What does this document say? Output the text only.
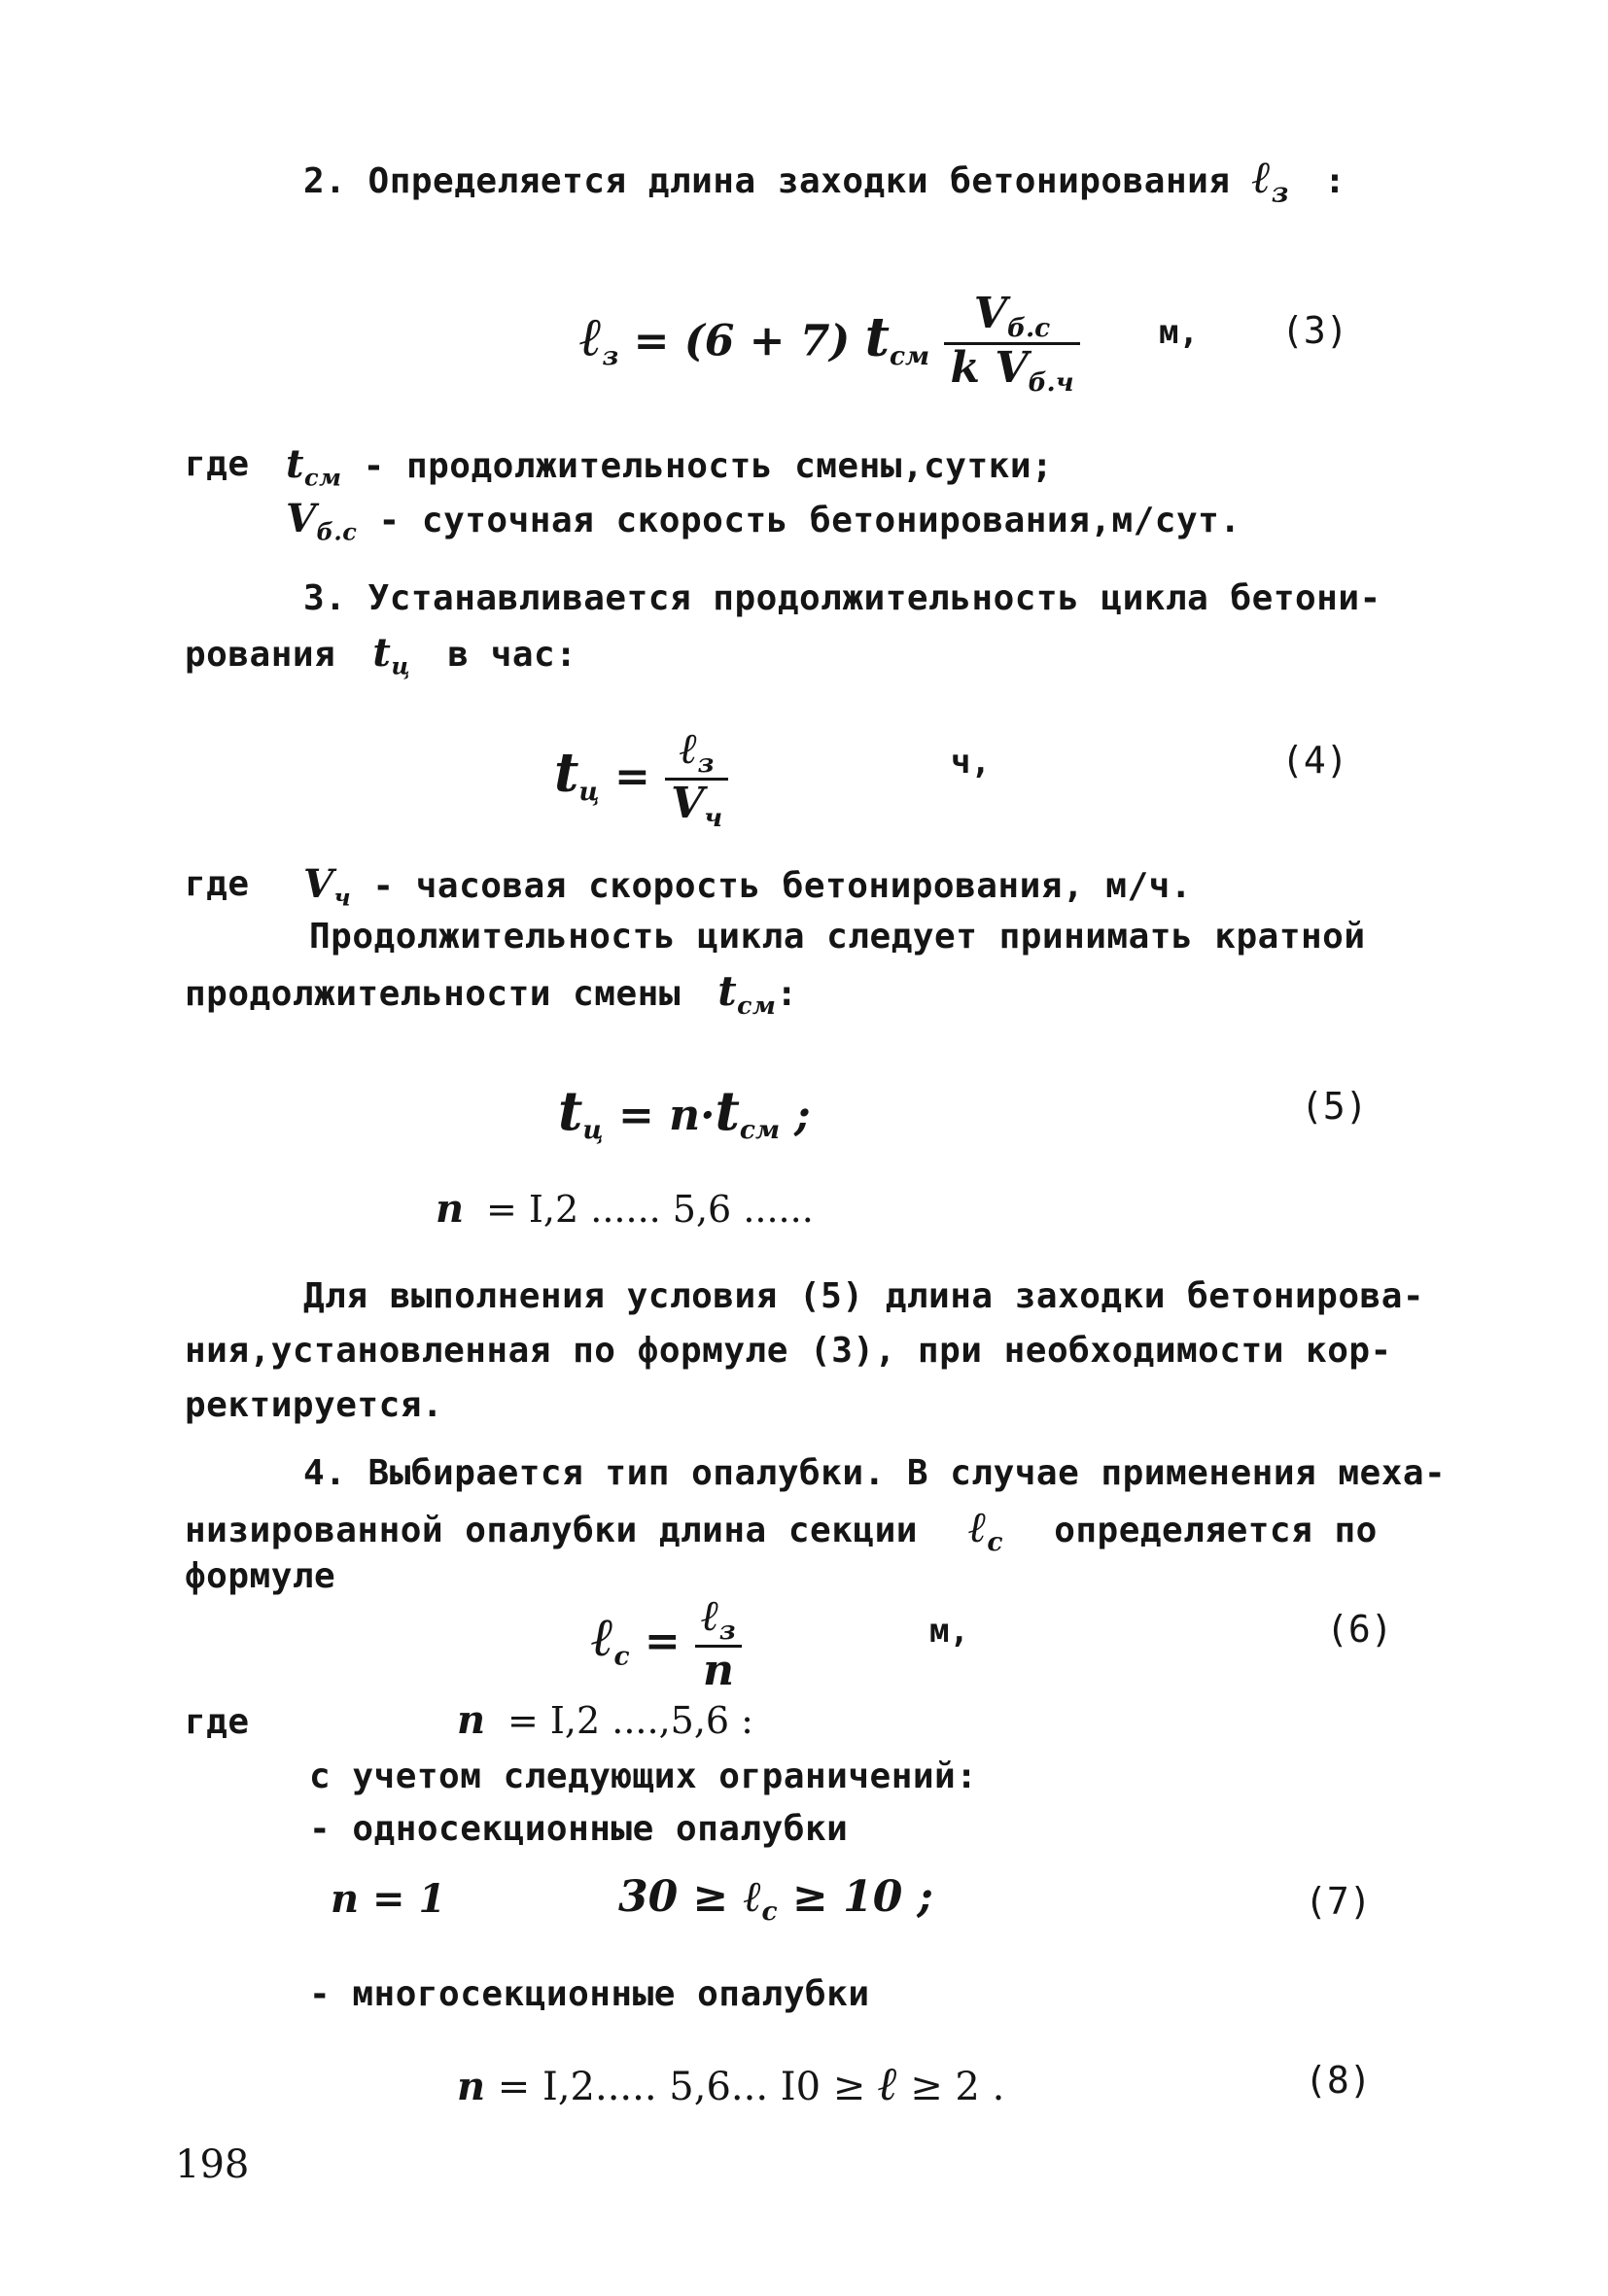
2. Определяется длина заходки бетонирования ℓ$_з$ :
ℓ$_з$ = (6 + 7) $t_{см} \frac{V_{б.с}}{k V_{б.ч}} м$, (3)
где $t_{см}$ - продолжительность смены,сутки;
$V_{б.с}$ - суточная скорость бетонирования,м/сут.
3. Устанавливается продолжительность цикла бетони-
рования $t_ц$ в час:
$t_ц = \frac{\ell_з}{V_ч}$	ч,	(4)
где $V_ч$ - часовая скорость бетонирования, м/ч.
Продолжительность цикла следует принимать кратной
продолжительности смены $t_{см}$:
$t_ц = n\cdot t_{см}$ ;	(5)
n = I,2 ...... 5,6 ......
Для выполнения условия (5) длина заходки бетонирова-
ния,установленная по формуле (3), при необходимости кор-
ректируется.
4. Выбирается тип опалубки. В случае применения меха-
низированной опалубки длина секции ℓ$_с$ определяется по
формуле
ℓ$_с$ = $\frac{\ell_з}{n}$	м,	(6)
где	n = I,2 ....,5,6 :
с учетом следующих ограничений:
- односекционные опалубки
n = 1	30 ≥ ℓ$_с$ ≥ 10 ;	(7)
- многосекционные опалубки
n = I,2..... 5,6... I0 ≥ ℓ ≥ 2 .	(8)
198
